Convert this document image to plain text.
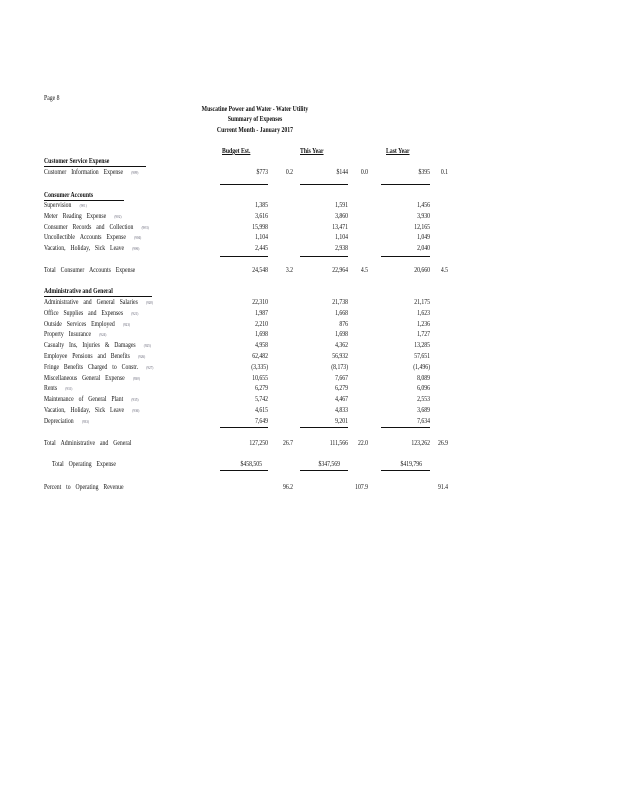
Page 8
Muscatine Power and Water - Water Utility
Summary of Expenses
Current Month - January 2017
Budget Est.	This Year	Last Year
Customer Service Expense
Customer Information Expense (909)	$773	0.2	$144	0.0	$395	0.1
Consumer Accounts
Supervision (901)	1,385	1,591	1,456
Meter Reading Expense (902)	3,616	3,860	3,930
Consumer Records and Collection (903)	15,998	13,471	12,165
Uncollectible Accounts Expense (904)	1,104	1,104	1,049
Vacation, Holiday, Sick Leave (906)	2,445	2,938	2,040
Total Consumer Accounts Expense	24,548	3.2	22,964	4.5	20,660	4.5
Administrative and General
Administrative and General Salaries (920)	22,310	21,738	21,175
Office Supplies and Expenses (921)	1,987	1,668	1,623
Outside Services Employed (923)	2,210	876	1,236
Property Insurance (924)	1,698	1,698	1,727
Casualty Ins, Injuries & Damages (925)	4,958	4,362	13,285
Employee Pensions and Benefits (926)	62,482	56,932	57,651
Fringe Benefits Charged to Constr. (927)	(3,335)	(8,173)	(1,496)
Miscellaneous General Expense (930)	10,655	7,667	8,089
Rents (931)	6,279	6,279	6,096
Maintenance of General Plant (935)	5,742	4,467	2,553
Vacation, Holiday, Sick Leave (936)	4,615	4,833	3,689
Depreciation (933)	7,649	9,201	7,634
Total Administrative and General	127,250	26.7	111,566	22.0	123,262	26.9
Total Operating Expense	$458,505	$347,569	$419,796
Percent to Operating Revenue	96.2	107.9	91.4
